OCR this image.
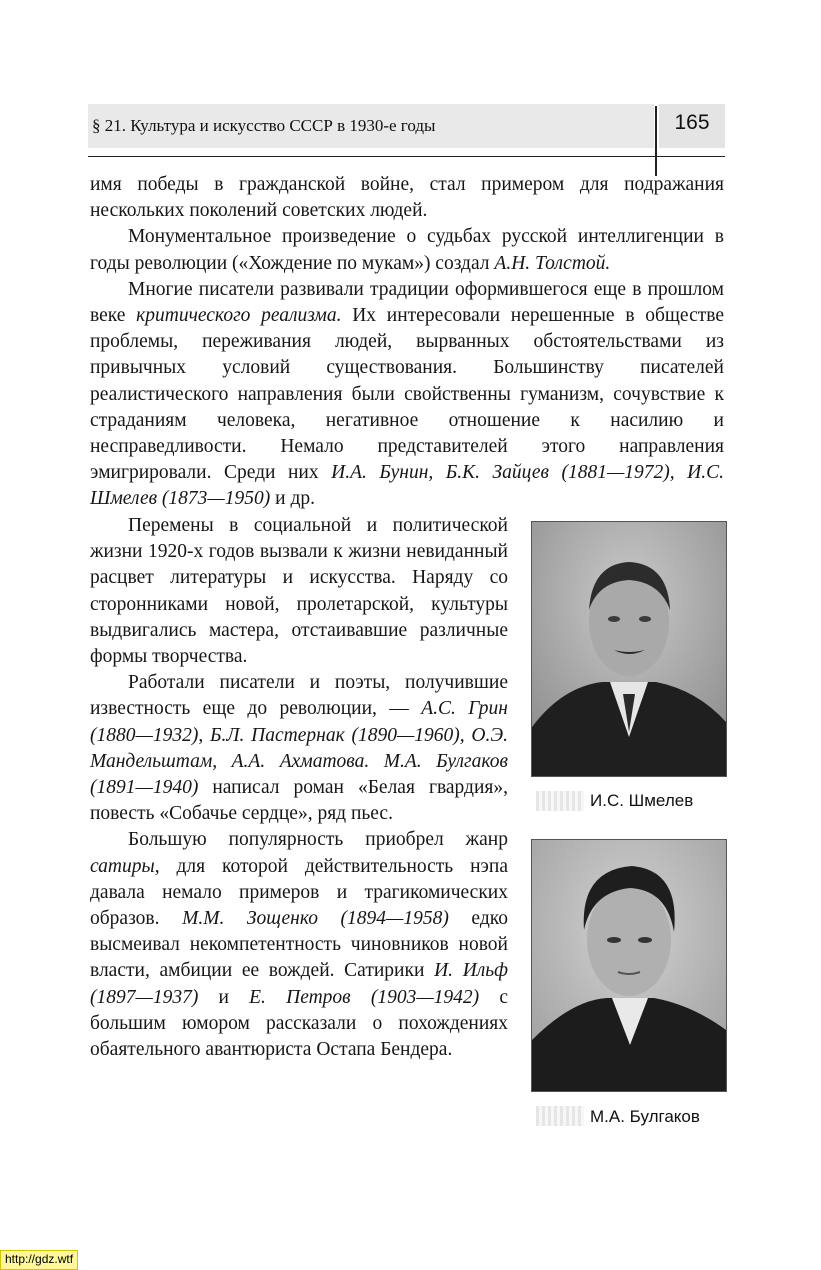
§ 21. Культура и искусство СССР в 1930-е годы	165

имя победы в гражданской войне, стал примером для подражания нескольких поколений советских людей.

Монументальное произведение о судьбах русской интеллигенции в годы революции («Хождение по мукам») создал А.Н. Толстой.

Многие писатели развивали традиции оформившегося еще в прошлом веке критического реализма. Их интересовали нерешенные в обществе проблемы, переживания людей, вырванных обстоятельствами из привычных условий существования. Большинству писателей реалистического направления были свойственны гуманизм, сочувствие к страданиям человека, негативное отношение к насилию и несправедливости. Немало представителей этого направления эмигрировали. Среди них И.А. Бунин, Б.К. Зайцев (1881—1972), И.С. Шмелев (1873—1950) и др.

Перемены в социальной и политической жизни 1920-х годов вызвали к жизни невиданный расцвет литературы и искусства. Наряду со сторонниками новой, пролетарской, культуры выдвигались мастера, отстаивавшие различные формы творчества.

Работали писатели и поэты, получившие известность еще до революции, — А.С. Грин (1880—1932), Б.Л. Пастернак (1890—1960), О.Э. Мандельштам, А.А. Ахматова. М.А. Булгаков (1891—1940) написал роман «Белая гвардия», повесть «Собачье сердце», ряд пьес.

Большую популярность приобрел жанр сатиры, для которой действительность нэпа давала немало примеров и трагикомических образов. М.М. Зощенко (1894—1958) едко высмеивал некомпетентность чиновников новой власти, амбиции ее вождей. Сатирики И. Ильф (1897—1937) и Е. Петров (1903—1942) с большим юмором рассказали о похождениях обаятельного авантюриста Остапа Бендера.

И.С. Шмелев
М.А. Булгаков
http://gdz.wtf
